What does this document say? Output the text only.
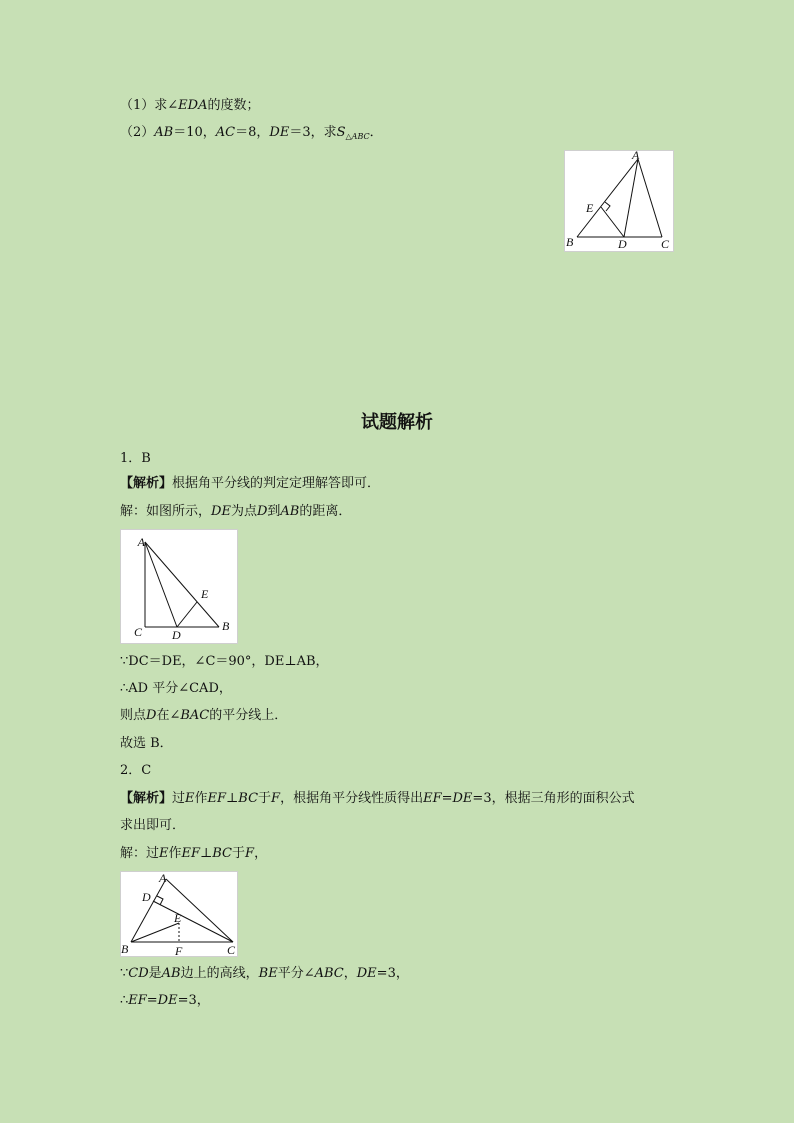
（1）求∠EDA的度数；
（2）AB＝10，AC＝8，DE＝3，求$S_{\triangle ABC}$．
A
E
B	D	C
试题解析
1．B
【解析】根据角平分线的判定定理解答即可．
解：如图所示，DE为点D到AB的距离．
A
E
C D
B
∵DC＝DE，∠C＝90°，DE⊥AB，
∴AD 平分∠CAD，
则点D在∠BAC的平分线上．
故选 B．
2．C
【解析】过E作EF⊥BC于F，根据角平分线性质得出EF=DE=3，根据三角形的面积公式
求出即可．
解：过E作EF⊥BC于F，
A
D
E
B	F	C
∵CD是AB边上的高线，BE平分∠ABC，DE=3，
∴EF=DE=3，
